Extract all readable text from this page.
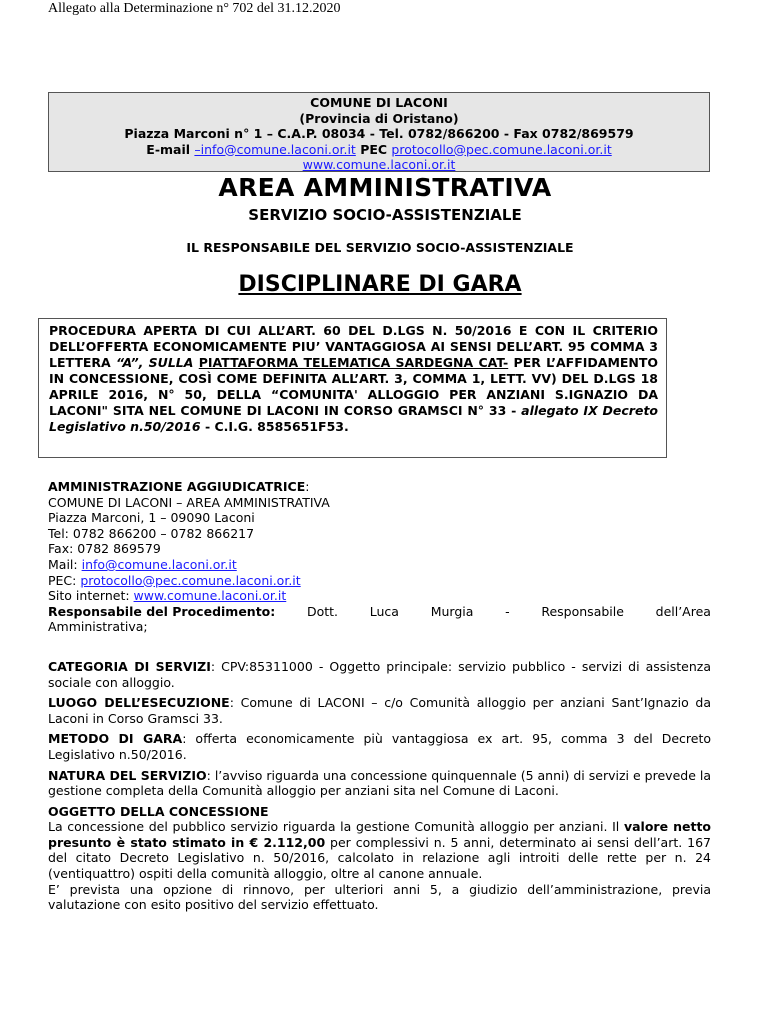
Allegato alla Determinazione n° 702 del 31.12.2020
COMUNE DI LACONI
(Provincia di Oristano)
Piazza Marconi n° 1 – C.A.P. 08034 - Tel. 0782/866200 - Fax 0782/869579
E-mail –info@comune.laconi.or.it PEC protocollo@pec.comune.laconi.or.it
www.comune.laconi.or.it
AREA AMMINISTRATIVA
SERVIZIO SOCIO-ASSISTENZIALE
IL RESPONSABILE DEL SERVIZIO SOCIO-ASSISTENZIALE
DISCIPLINARE DI GARA
PROCEDURA APERTA DI CUI ALL’ART. 60 DEL D.LGS N. 50/2016 E CON IL CRITERIO DELL’OFFERTA ECONOMICAMENTE PIU’ VANTAGGIOSA AI SENSI DELL’ART. 95 COMMA 3 LETTERA “A”, SULLA PIATTAFORMA TELEMATICA SARDEGNA CAT- PER L’AFFIDAMENTO IN CONCESSIONE, COSÌ COME DEFINITA ALL’ART. 3, COMMA 1, LETT. VV) DEL D.LGS 18 APRILE 2016, N° 50, DELLA “COMUNITA' ALLOGGIO PER ANZIANI S.IGNAZIO DA LACONI" SITA NEL COMUNE DI LACONI IN CORSO GRAMSCI N° 33 - allegato IX Decreto Legislativo n.50/2016 - C.I.G. 8585651F53.

AMMINISTRAZIONE AGGIUDICATRICE:

COMUNE DI LACONI – AREA AMMINISTRATIVA

Piazza Marconi, 1 – 09090 Laconi

Tel: 0782 866200 – 0782 866217

Fax: 0782 869579

Mail: info@comune.laconi.or.it

PEC: protocollo@pec.comune.laconi.or.it

Sito internet: www.comune.laconi.or.it

Responsabile del Procedimento:	Dott.	Luca	Murgia	-	Responsabile	dell’Area

Amministrativa;

CATEGORIA DI SERVIZI: CPV:85311000 - Oggetto principale: servizio pubblico - servizi di assistenza sociale con alloggio.

LUOGO DELL’ESECUZIONE: Comune di LACONI – c/o Comunità alloggio per anziani Sant’Ignazio da Laconi in Corso Gramsci 33.

METODO DI GARA: offerta economicamente più vantaggiosa ex art. 95, comma 3 del Decreto Legislativo n.50/2016.

NATURA DEL SERVIZIO: l’avviso riguarda una concessione quinquennale (5 anni) di servizi e prevede la gestione completa della Comunità alloggio per anziani sita nel Comune di Laconi.

OGGETTO DELLA CONCESSIONE

La concessione del pubblico servizio riguarda la gestione Comunità alloggio per anziani. Il valore netto presunto è stato stimato in € 2.112,00 per complessivi n. 5 anni, determinato ai sensi dell’art. 167 del citato Decreto Legislativo n. 50/2016, calcolato in relazione agli introiti delle rette per n. 24 (ventiquattro) ospiti della comunità alloggio, oltre al canone annuale.

E’ prevista una opzione di rinnovo, per ulteriori anni 5, a giudizio dell’amministrazione, previa valutazione con esito positivo del servizio effettuato.
